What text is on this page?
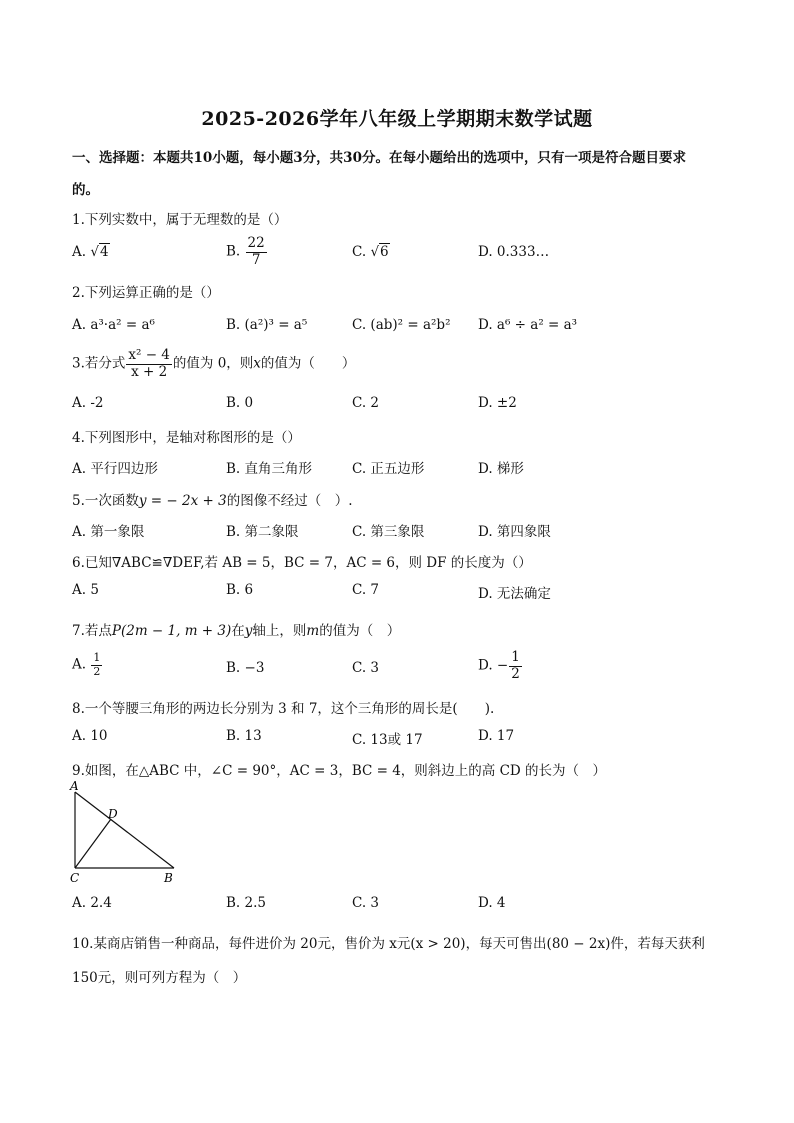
2025-2026学年八年级上学期期末数学试题
一、选择题：本题共10小题，每小题3分，共30分。在每小题给出的选项中，只有一项是符合题目要求
的。
1.下列实数中，属于无理数的是（）
A. √4	B. $\frac{22}{7}$	C. √6	D. 0.333…
2.下列运算正确的是（）
A. a³·a² = a⁶	B. (a²)³ = a⁵	C. (ab)² = a²b² D. a⁶ ÷ a² = a³
3.若分式 $\frac{\text{x² − 4}}{x + 2}$ 的值为 0，则x的值为（　　）
A. -2	B. 0	C. 2	D. ±2
4.下列图形中，是轴对称图形的是（）
A. 平行四边形	B. 直角三角形	C. 正五边形	D. 梯形
5.一次函数y = − 2x + 3的图像不经过（　）.
A. 第一象限	B. 第二象限	C. 第三象限	D. 第四象限
6.已知∇ABC≌∇DEF,若 AB = 5，BC = 7，AC = 6，则 DF 的长度为（）
A. 5	B. 6	C. 7	D. 无法确定
7.若点P(2m − 1, m + 3)在y轴上，则m的值为（　）
A. $\frac{1}{2}$	B. −3	C. 3	D. − $\frac{1}{2}$
8.一个等腰三角形的两边长分别为 3 和 7，这个三角形的周长是(　　).
A. 10	B. 13	C. 13或 17	D. 17
9.如图，在△ABC 中，∠C = 90°，AC = 3，BC = 4，则斜边上的高 CD 的长为（　）
A
D
C	B
A. 2.4	B. 2.5	C. 3	D. 4
10.某商店销售一种商品，每件进价为 20元，售价为 x元(x > 20)，每天可售出(80 − 2x)件，若每天获利
150元，则可列方程为（　）
